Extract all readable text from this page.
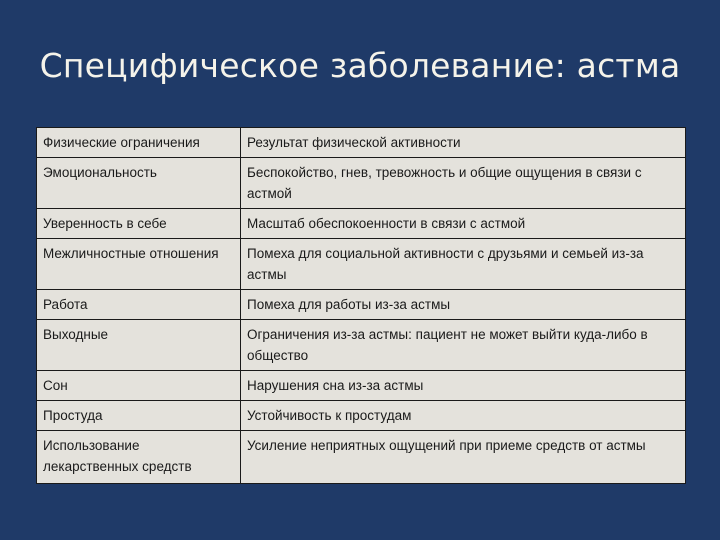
Специфическое заболевание: астма
Физические ограничения	Результат физической активности
Эмоциональность	Беспокойство, гнев, тревожность и общие ощущения в связи с астмой
Уверенность в себе	Масштаб обеспокоенности в связи с астмой
Межличностные отношения	Помеха для социальной активности с друзьями и семьей из-за астмы
Работа	Помеха для работы из-за астмы
Выходные	Ограничения из-за астмы: пациент не может выйти куда-либо в общество
Сон	Нарушения сна из-за астмы
Простуда	Устойчивость к простудам
Использование лекарственных средств	Усиление неприятных ощущений при приеме средств от астмы
